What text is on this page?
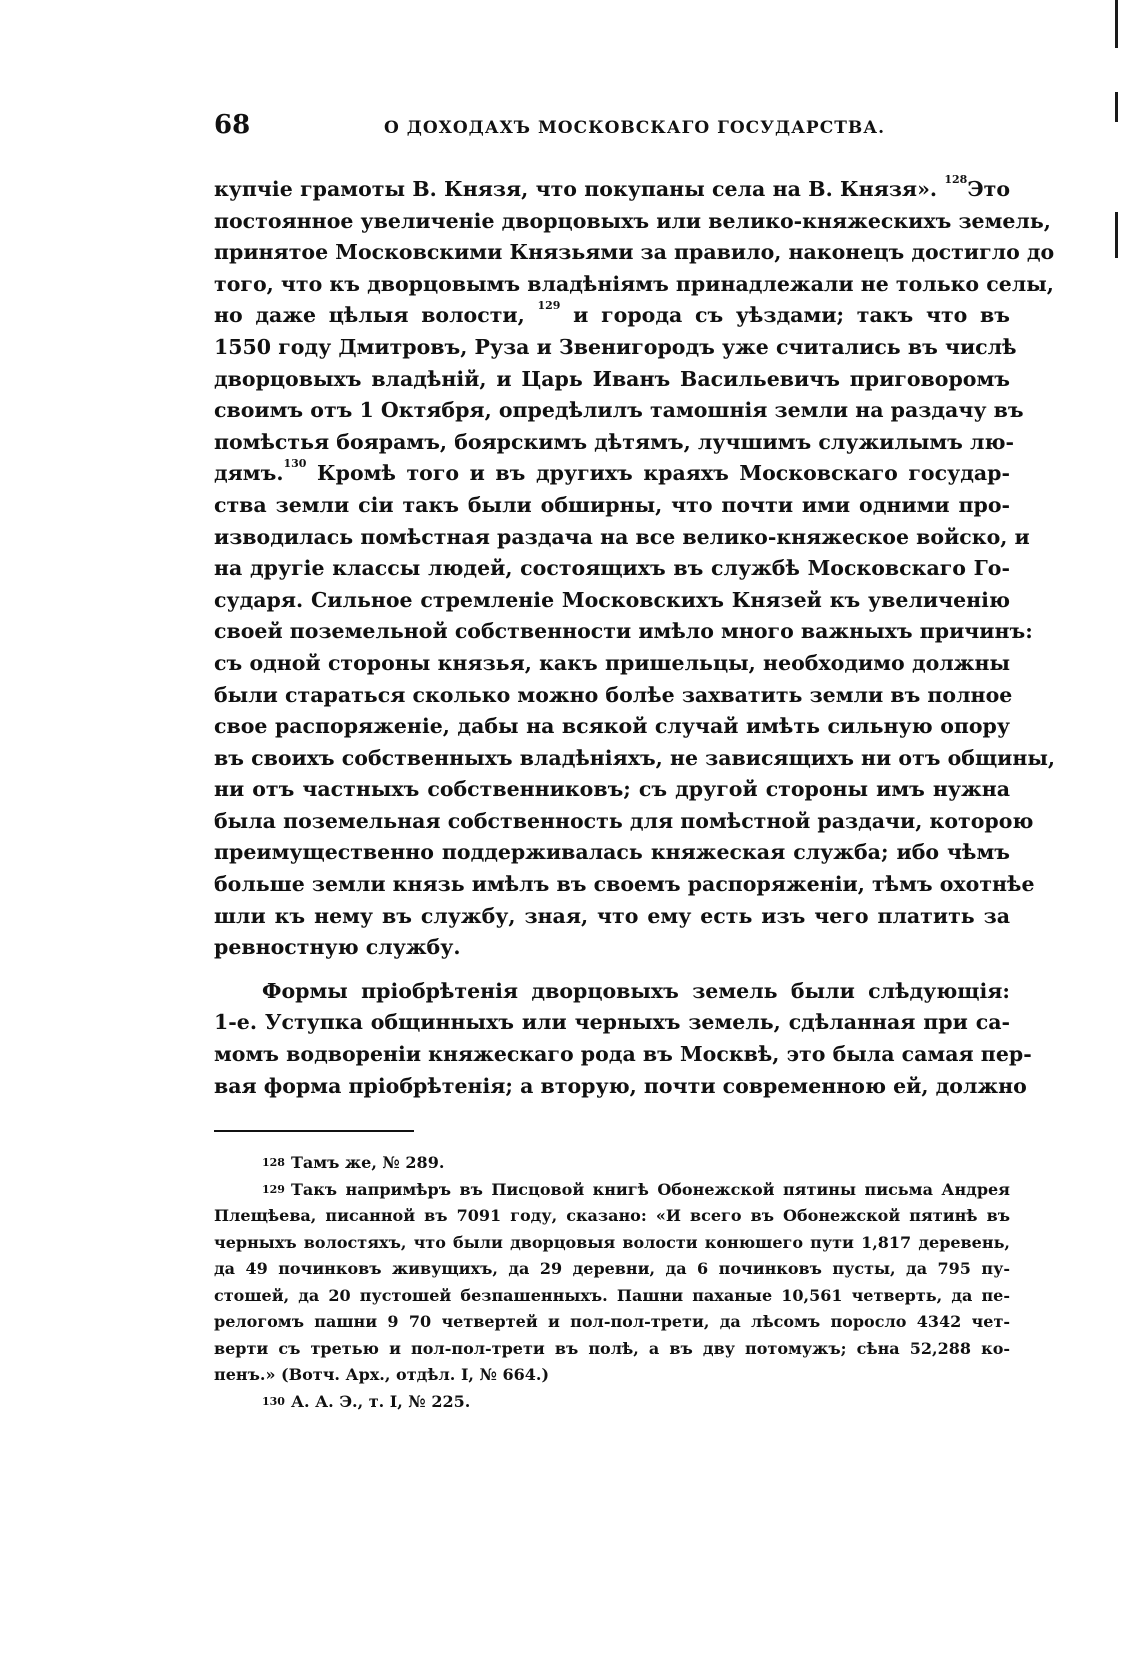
68	О ДОХОДАХЪ МОСКОВСКАГО ГОСУДАРСТВА.
купчіе грамоты В. Князя, что покупаны села на В. Князя». $^{128}$Это
постоянное увеличеніе дворцовыхъ или велико-княжескихъ земель,
принятое Московскими Князьями за правило, наконецъ достигло до
того, что къ дворцовымъ владѣніямъ принадлежали не только селы,
но даже цѣлыя волости, $^{129}$ и города съ уѣздами; такъ что въ
1550 году Дмитровъ, Руза и Звенигородъ уже считались въ числѣ
дворцовыхъ владѣній, и Царь Иванъ Васильевичъ приговоромъ
своимъ отъ 1 Октября, опредѣлилъ тамошнія земли на раздачу въ
помѣстья боярамъ, боярскимъ дѣтямъ, лучшимъ служилымъ лю-
дямъ.$^{130}$ Кромѣ того и въ другихъ краяхъ Московскаго государ-
ства земли сіи такъ были обширны, что почти ими одними про-
изводилась помѣстная раздача на все велико-княжеское войско, и
на другіе классы людей, состоящихъ въ службѣ Московскаго Го-
сударя. Сильное стремленіе Московскихъ Князей къ увеличенію
своей поземельной собственности имѣло много важныхъ причинъ:
съ одной стороны князья, какъ пришельцы, необходимо должны
были стараться сколько можно болѣе захватить земли въ полное
свое распоряженіе, дабы на всякой случай имѣть сильную опору
въ своихъ собственныхъ владѣніяхъ, не зависящихъ ни отъ общины,
ни отъ частныхъ собственниковъ; съ другой стороны имъ нужна
была поземельная собственность для помѣстной раздачи, которою
преимущественно поддерживалась княжеская служба; ибо чѣмъ
больше земли князь имѣлъ въ своемъ распоряженіи, тѣмъ охотнѣе
шли къ нему въ службу, зная, что ему есть изъ чего платить за
ревностную службу.
Формы пріобрѣтенія дворцовыхъ земель были слѣдующія:
1-е. Уступка общинныхъ или черныхъ земель, сдѣланная при са-
момъ водвореніи княжескаго рода въ Москвѣ, это была самая пер-
вая форма пріобрѣтенія; а вторую, почти современною ей, должно
$^{128}$ Тамъ же, № 289.
$^{129}$ Такъ напримѣръ въ Писцовой книгѣ Обонежской пятины письма Андрея
Плещѣева, писанной въ 7091 году, сказано: «И всего въ Обонежской пятинѣ въ
черныхъ волостяхъ, что были дворцовыя волости конюшего пути 1,817 деревень,
да 49 починковъ живущихъ, да 29 деревни, да 6 починковъ пусты, да 795 пу-
стошей, да 20 пустошей безпашенныхъ. Пашни паханые 10,561 четверть, да пе-
релогомъ пашни 9 70 четвертей и пол-пол-трети, да лѣсомъ поросло 4342 чет-
верти съ третью и пол-пол-трети въ полѣ, а въ дву потомужъ; сѣна 52,288 ко-
пенъ.» (Вотч. Арх., отдѣл. I, № 664.)
$^{130}$ А. А. Э., т. I, № 225.
